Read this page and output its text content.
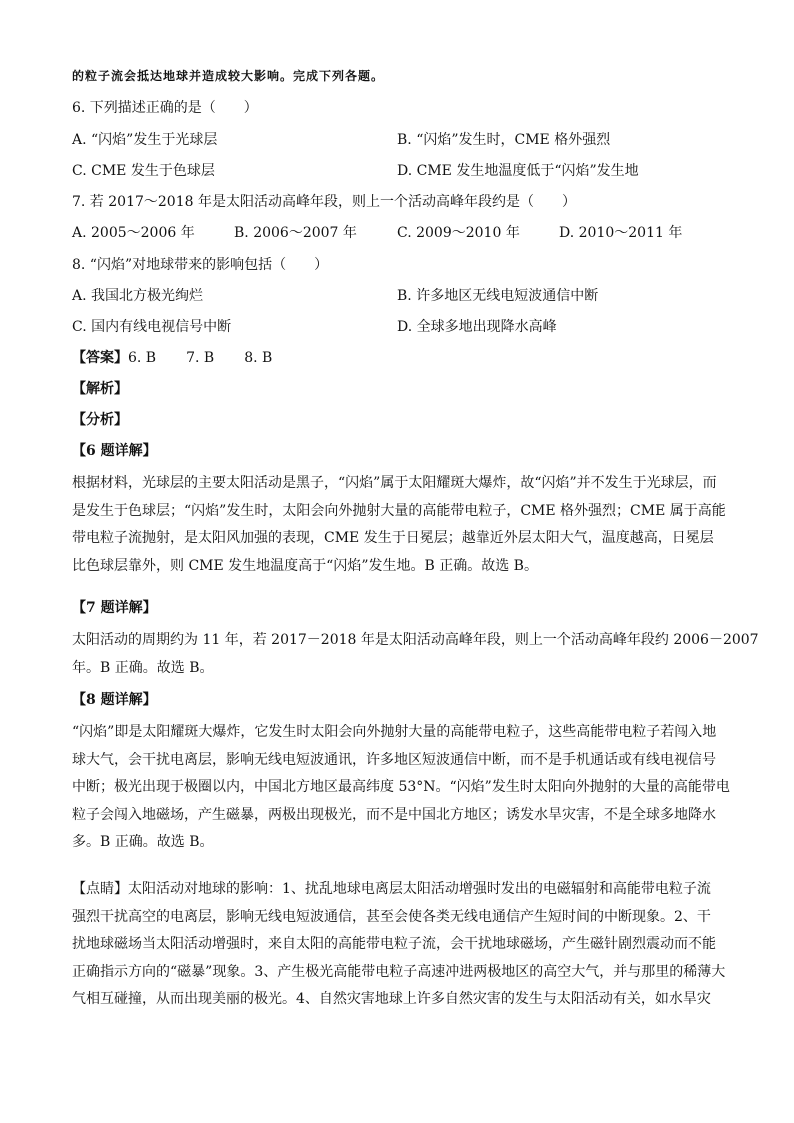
的粒子流会抵达地球并造成较大影响。完成下列各题。
6. 下列描述正确的是（　　）
A. “闪焰”发生于光球层	B. “闪焰”发生时，CME 格外强烈
C. CME 发生于色球层	D. CME 发生地温度低于“闪焰”发生地
7. 若 2017～2018 年是太阳活动高峰年段，则上一个活动高峰年段约是（　　）
A. 2005～2006 年	B. 2006～2007 年	C. 2009～2010 年	D. 2010～2011 年
8. “闪焰”对地球带来的影响包括（　　）
A. 我国北方极光绚烂	B. 许多地区无线电短波通信中断
C. 国内有线电视信号中断	D. 全球多地出现降水高峰
【答案】6. B 7. B 8. B
【解析】
【分析】
【6 题详解】
根据材料，光球层的主要太阳活动是黑子，“闪焰”属于太阳耀斑大爆炸，故“闪焰”并不发生于光球层，而
是发生于色球层；“闪焰”发生时，太阳会向外抛射大量的高能带电粒子，CME 格外强烈；CME 属于高能
带电粒子流抛射，是太阳风加强的表现，CME 发生于日冕层；越靠近外层太阳大气，温度越高，日冕层
比色球层靠外，则 CME 发生地温度高于“闪焰”发生地。B 正确。故选 B。
【7 题详解】
太阳活动的周期约为 11 年，若 2017－2018 年是太阳活动高峰年段，则上一个活动高峰年段约 2006－2007
年。B 正确。故选 B。
【8 题详解】
“闪焰”即是太阳耀斑大爆炸，它发生时太阳会向外抛射大量的高能带电粒子，这些高能带电粒子若闯入地
球大气，会干扰电离层，影响无线电短波通讯，许多地区短波通信中断，而不是手机通话或有线电视信号
中断；极光出现于极圈以内，中国北方地区最高纬度 53°N。“闪焰”发生时太阳向外抛射的大量的高能带电
粒子会闯入地磁场，产生磁暴，两极出现极光，而不是中国北方地区；诱发水旱灾害，不是全球多地降水
多。B 正确。故选 B。
【点睛】太阳活动对地球的影响：1、扰乱地球电离层太阳活动增强时发出的电磁辐射和高能带电粒子流
强烈干扰高空的电离层，影响无线电短波通信，甚至会使各类无线电通信产生短时间的中断现象。2、干
扰地球磁场当太阳活动增强时，来自太阳的高能带电粒子流，会干扰地球磁场，产生磁针剧烈震动而不能
正确指示方向的“磁暴”现象。3、产生极光高能带电粒子高速冲进两极地区的高空大气，并与那里的稀薄大
气相互碰撞，从而出现美丽的极光。4、自然灾害地球上许多自然灾害的发生与太阳活动有关，如水旱灾
